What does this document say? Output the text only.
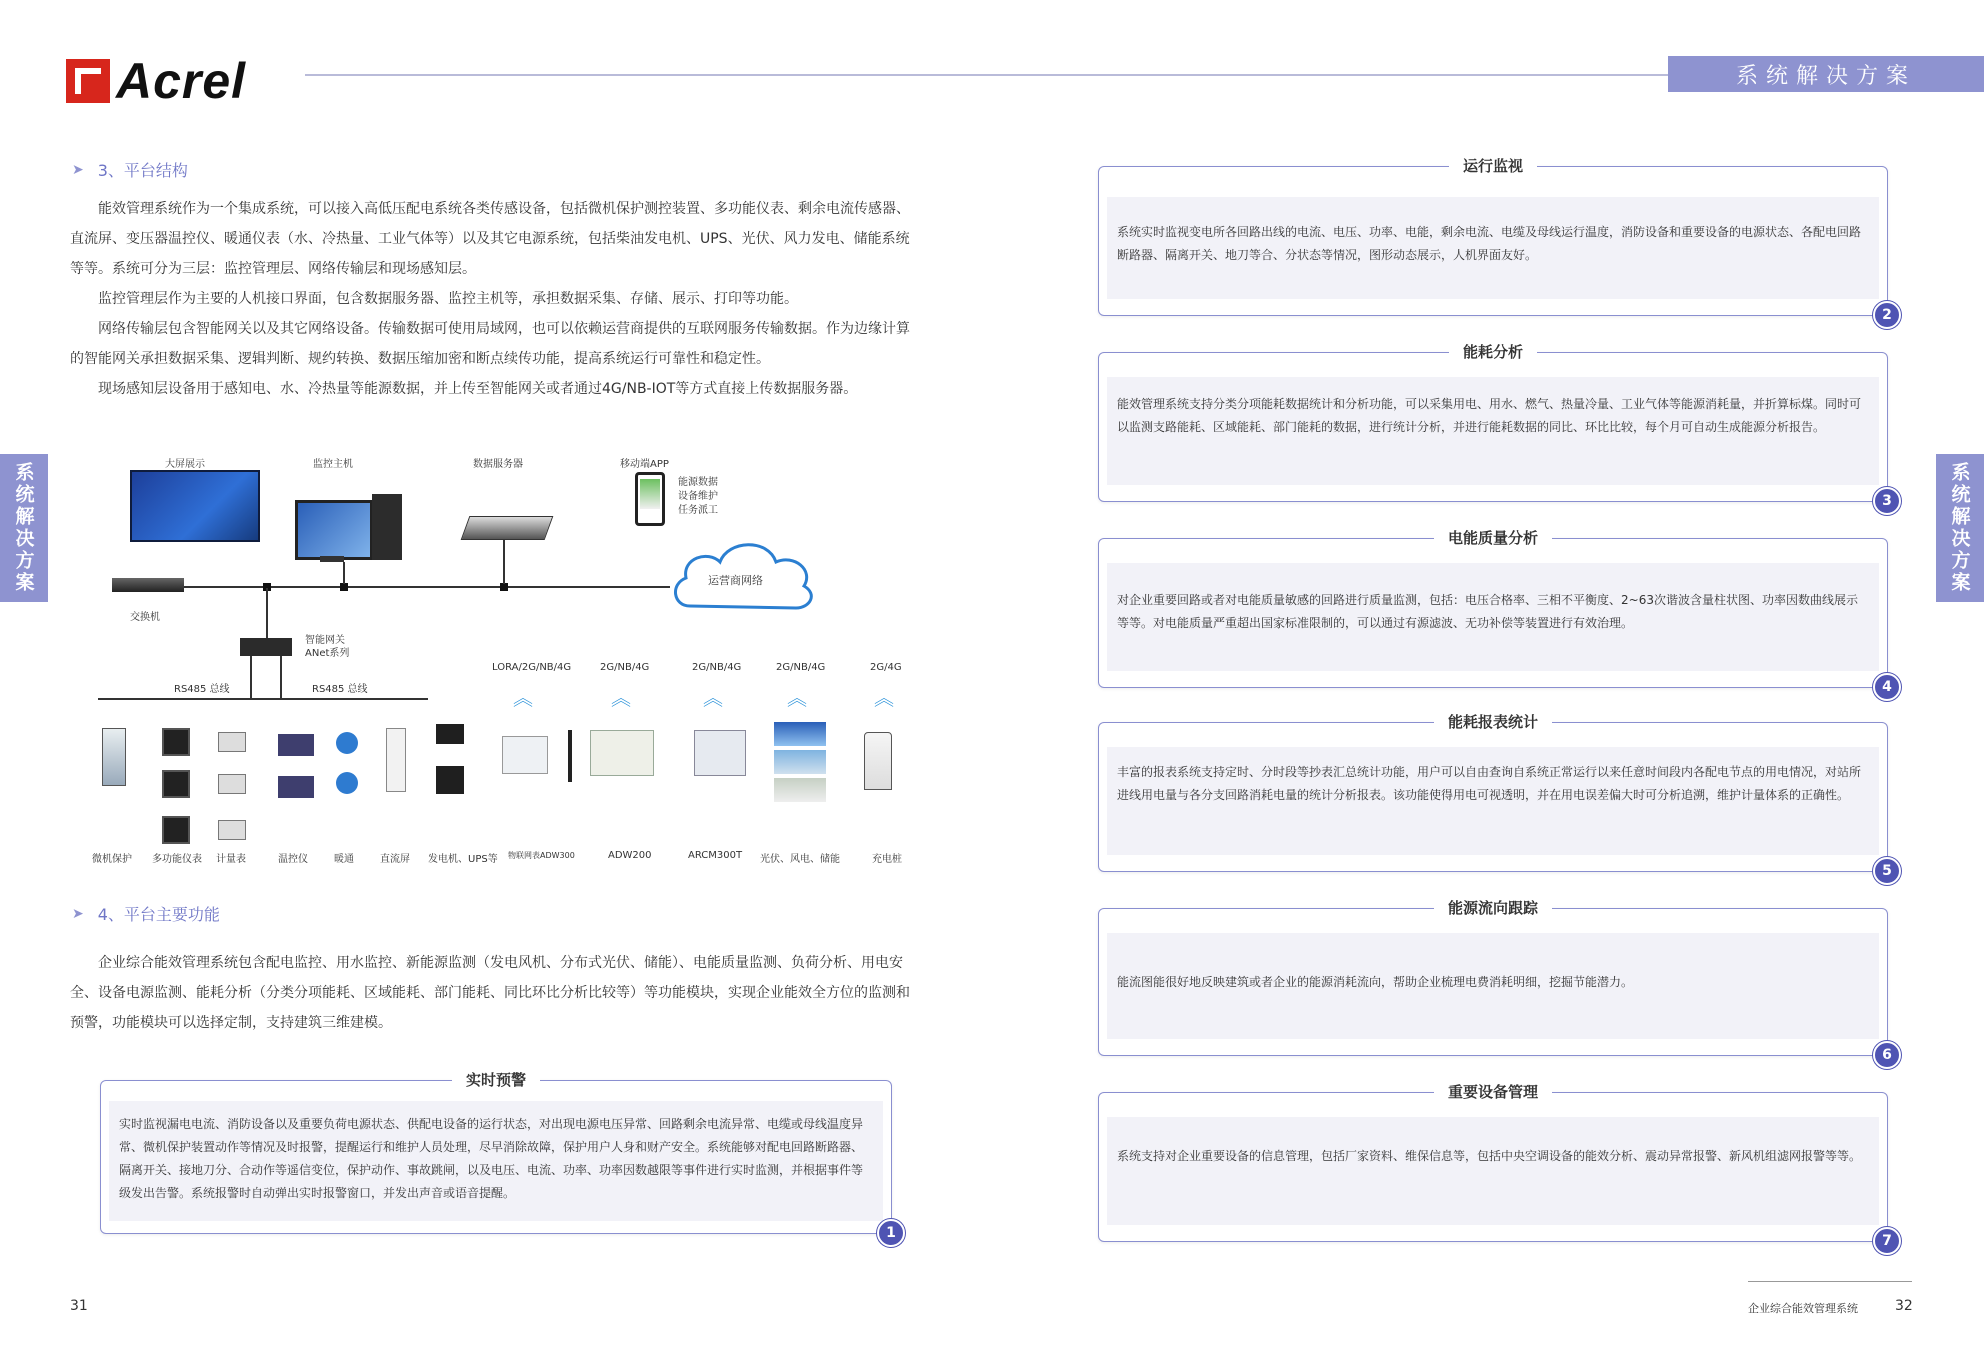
Acrel	系统解决方案
系统解决方案	系统解决方案
➤ 3、平台结构

能效管理系统作为一个集成系统，可以接入高低压配电系统各类传感设备，包括微机保护测控装置、多功能仪表、剩余电流传感器、直流屏、变压器温控仪、暖通仪表（水、冷热量、工业气体等）以及其它电源系统，包括柴油发电机、UPS、光伏、风力发电、储能系统等等。系统可分为三层：监控管理层、网络传输层和现场感知层。

监控管理层作为主要的人机接口界面，包含数据服务器、监控主机等，承担数据采集、存储、展示、打印等功能。

网络传输层包含智能网关以及其它网络设备。传输数据可使用局域网，也可以依赖运营商提供的互联网服务传输数据。作为边缘计算的智能网关承担数据采集、逻辑判断、规约转换、数据压缩加密和断点续传功能，提高系统运行可靠性和稳定性。

现场感知层设备用于感知电、水、冷热量等能源数据，并上传至智能网关或者通过4G/NB-IOT等方式直接上传数据服务器。

大屏展示	监控主机	数据服务器	移动端APP
能源数据
设备维护
任务派工
运营商网络
交换机
智能网关
ANet系列
RS485 总线	RS485 总线
LORA/2G/NB/4G	2G/NB/4G	2G/NB/4G	2G/NB/4G	2G/4G
︽	︽	︽	︽	︽
微机保护 多功能仪表 计量表	温控仪	暖通	直流屏 发电机、UPS等 物联网表ADW300	ADW200	ARCM300T 光伏、风电、储能	充电桩
➤ 4、平台主要功能

企业综合能效管理系统包含配电监控、用水监控、新能源监测（发电风机、分布式光伏、储能）、电能质量监测、负荷分析、用电安全、设备电源监测、能耗分析（分类分项能耗、区域能耗、部门能耗、同比环比分析比较等）等功能模块，实现企业能效全方位的监测和预警，功能模块可以选择定制，支持建筑三维建模。

实时预警
实时监视漏电电流、消防设备以及重要负荷电源状态、供配电设备的运行状态，对出现电源电压异常、回路剩余电流异常、电缆或母线温度异常、微机保护装置动作等情况及时报警，提醒运行和维护人员处理，尽早消除故障，保护用户人身和财产安全。系统能够对配电回路断路器、隔离开关、接地刀分、合动作等遥信变位，保护动作、事故跳闸，以及电压、电流、功率、功率因数越限等事件进行实时监测，并根据事件等级发出告警。系统报警时自动弹出实时报警窗口，并发出声音或语音提醒。
1
运行监视
系统实时监视变电所各回路出线的电流、电压、功率、电能，剩余电流、电缆及母线运行温度，消防设备和重要设备的电源状态、各配电回路断路器、隔离开关、地刀等合、分状态等情况，图形动态展示，人机界面友好。
2
能耗分析
能效管理系统支持分类分项能耗数据统计和分析功能，可以采集用电、用水、燃气、热量冷量、工业气体等能源消耗量，并折算标煤。同时可以监测支路能耗、区域能耗、部门能耗的数据，进行统计分析，并进行能耗数据的同比、环比比较，每个月可自动生成能源分析报告。
3
电能质量分析
对企业重要回路或者对电能质量敏感的回路进行质量监测，包括：电压合格率、三相不平衡度、2~63次谐波含量柱状图、功率因数曲线展示等等。对电能质量严重超出国家标准限制的，可以通过有源滤波、无功补偿等装置进行有效治理。
4
能耗报表统计
丰富的报表系统支持定时、分时段等抄表汇总统计功能，用户可以自由查询自系统正常运行以来任意时间段内各配电节点的用电情况，对站所进线用电量与各分支回路消耗电量的统计分析报表。该功能使得用电可视透明，并在用电误差偏大时可分析追溯，维护计量体系的正确性。
5
能源流向跟踪
能流图能很好地反映建筑或者企业的能源消耗流向，帮助企业梳理电费消耗明细，挖掘节能潜力。
6
重要设备管理
系统支持对企业重要设备的信息管理，包括厂家资料、维保信息等，包括中央空调设备的能效分析、震动异常报警、新风机组滤网报警等等。
7
31	企业综合能效管理系统	32
